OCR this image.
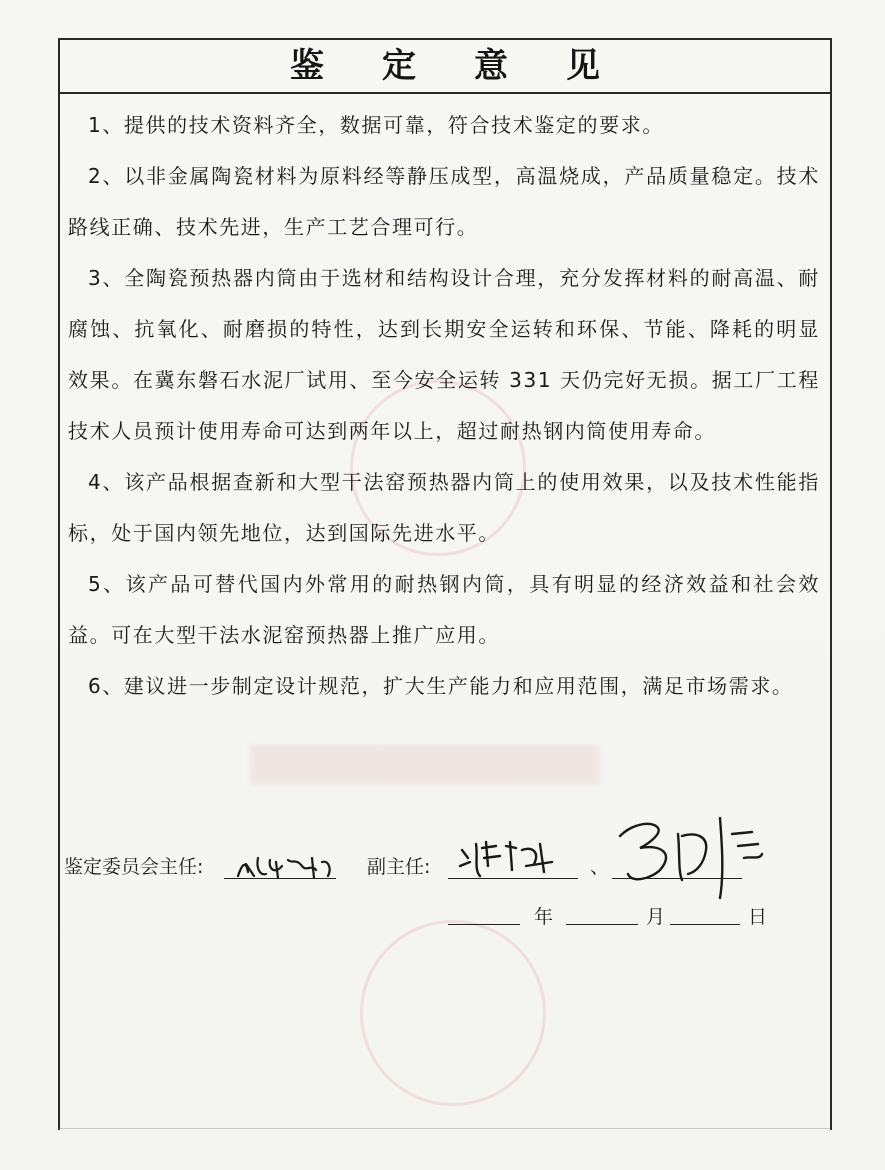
鉴定意见

1、提供的技术资料齐全，数据可靠，符合技术鉴定的要求。

2、以非金属陶瓷材料为原料经等静压成型，高温烧成，产品质量稳定。技术路线正确、技术先进，生产工艺合理可行。

3、全陶瓷预热器内筒由于选材和结构设计合理，充分发挥材料的耐高温、耐腐蚀、抗氧化、耐磨损的特性，达到长期安全运转和环保、节能、降耗的明显效果。在冀东磐石水泥厂试用、至今安全运转 331 天仍完好无损。据工厂工程技术人员预计使用寿命可达到两年以上，超过耐热钢内筒使用寿命。

4、该产品根据查新和大型干法窑预热器内筒上的使用效果，以及技术性能指标，处于国内领先地位，达到国际先进水平。

5、该产品可替代国内外常用的耐热钢内筒，具有明显的经济效益和社会效益。可在大型干法水泥窑预热器上推广应用。

6、建议进一步制定设计规范，扩大生产能力和应用范围，满足市场需求。

鉴定委员会主任:	副主任:	、
年	月	日
